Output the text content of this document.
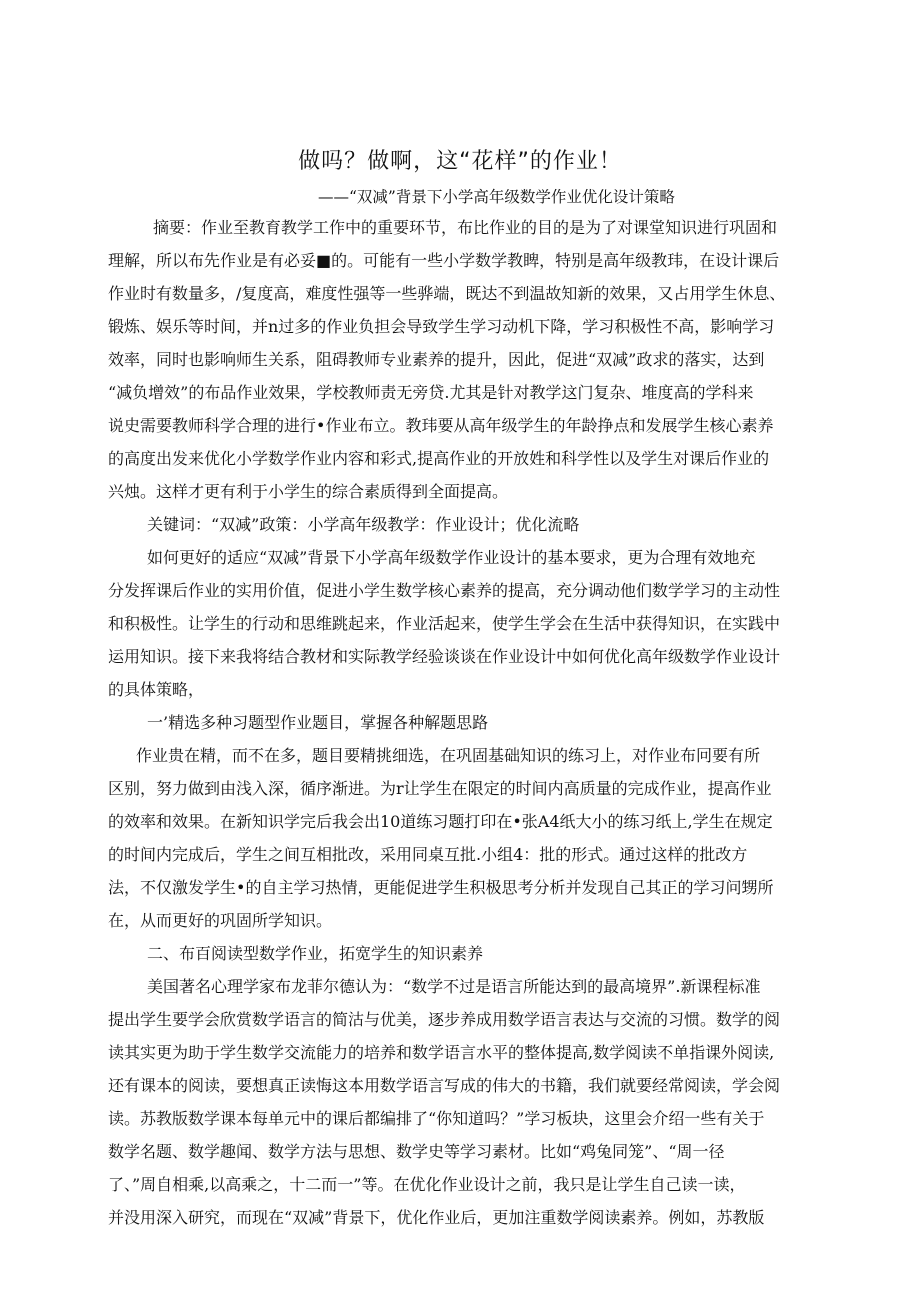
做吗？做啊，这“花样”的作业！
——“双减”背景下小学高年级数学作业优化设计策略
摘要：作业至教育教学工作中的重要环节，布比作业的目的是为了对课堂知识进行巩固和
理解，所以布先作业是有必妥■的。可能有一些小学数学教睥，特别是高年级教玮，在设计课后
作业时有数量多，/复度高，难度性强等一些骅端，既达不到温故知新的效果，又占用学生休息、
锻炼、娱乐等时间，并n过多的作业负担会导致学生学习动机下降，学习积极性不高，影响学习
效率，同时也影响师生关系，阻碍教师专业素养的提升，因此，促进“双减”政求的落实，达到
“减负增效”的布品作业效果，学校教师责无旁贷.尤其是针对教学这门复杂、堆度高的学科来
说史需要教师科学合理的进行•作业布立。教玮要从高年级学生的年龄挣点和发展学生核心素养
的高度出发来优化小学数学作业内容和彩式,提高作业的开放姓和科学性以及学生对课后作业的
兴烛。这样才更有利于小学生的综合素质得到全面提高。
关键词：“双减”政策：小学高年级教学：作业设计；优化流略
如何更好的适应“双减”背景下小学高年级数学作业设计的基本要求，更为合理有效地充
分发挥课后作业的实用价值，促进小学生数学核心素养的提高，充分调动他们数学学习的主动性
和积极性。让学生的行动和思维跳起来，作业活起来，使学生学会在生活中获得知识，在实践中
运用知识。接下来我将结合教材和实际教学经验谈谈在作业设计中如何优化高年级数学作业设计
的具体策略，
一’精选多种习题型作业题目，掌握各种解题思路
作业贵在精，而不在多，题目要精挑细选，在巩固基础知识的练习上，对作业布冋要有所
区别，努力做到由浅入深，循序渐进。为r让学生在限定的时间内高质量的完成作业，提高作业
的效率和效果。在新知识学完后我会出10道练习题打印在•张A4纸大小的练习纸上,学生在规定
的时间内完成后，学生之间互相批改，采用同桌互批.小组4：批的形式。通过这样的批改方
法，不仅激发学生•的自主学习热情，更能促进学生积极思考分析并发现自己其正的学习问甥所
在，从而更好的巩固所学知识。
二、布百阅读型数学作业，拓宽学生的知识素养
美国著名心理学家布龙菲尔德认为：“数学不过是语言所能达到的最高境界”.新课程标准
提出学生要学会欣赏数学语言的简沽与优美，逐步养成用数学语言表达与交流的习惯。数学的阅
读其实更为助于学生数学交流能力的培养和数学语言水平的整体提高,数学阅读不单指课外阅读,
还有课本的阅读，要想真正读悔这本用数学语言写成的伟大的书籍，我们就要经常阅读，学会阅
读。苏教版数学课本每单元中的课后都编排了“你知道吗？”学习板块，这里会介绍一些有关于
数学名题、数学趣闻、数学方法与思想、数学史等学习素材。比如“鸡兔同笼”、“周一径
了、”周自相乘,以高乘之，十二而一”等。在优化作业设计之前，我只是让学生自己读一读，
并没用深入研究，而现在“双减”背景下，优化作业后，更加注重数学阅读素养。例如，苏教版
